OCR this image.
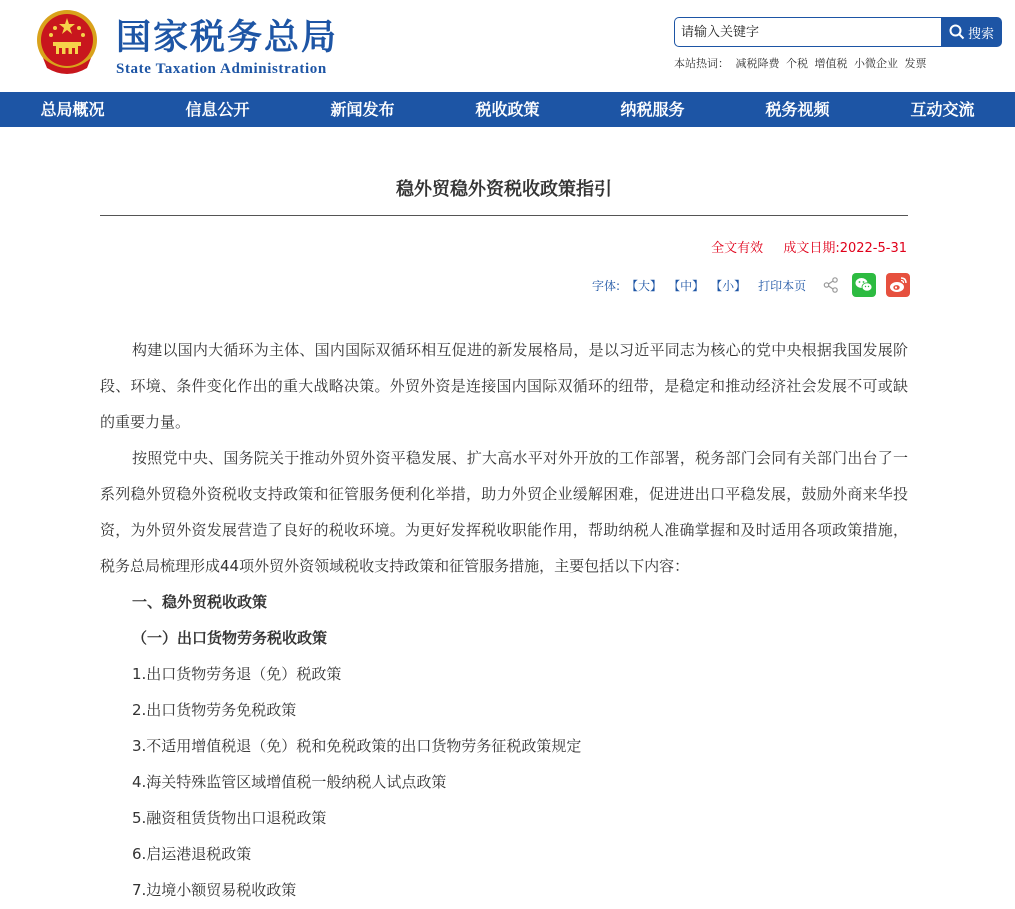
国家税务总局
State Taxation Administration
请输入关键字
搜索
本站热词： 减税降费 个税 增值税 小微企业 发票
总局概况	信息公开	新闻发布	税收政策	纳税服务	税务视频	互动交流
稳外贸稳外资税收政策指引
全文有效 成文日期:2022-5-31
字体: 【大】 【中】 【小】 打印本页

构建以国内大循环为主体、国内国际双循环相互促进的新发展格局，是以习近平同志为核心的党中央根据我国发展阶段、环境、条件变化作出的重大战略决策。外贸外资是连接国内国际双循环的纽带，是稳定和推动经济社会发展不可或缺的重要力量。

按照党中央、国务院关于推动外贸外资平稳发展、扩大高水平对外开放的工作部署，税务部门会同有关部门出台了一系列稳外贸稳外资税收支持政策和征管服务便利化举措，助力外贸企业缓解困难，促进进出口平稳发展，鼓励外商来华投资，为外贸外资发展营造了良好的税收环境。为更好发挥税收职能作用，帮助纳税人准确掌握和及时适用各项政策措施，税务总局梳理形成44项外贸外资领域税收支持政策和征管服务措施，主要包括以下内容：

一、稳外贸税收政策

（一）出口货物劳务税收政策

1.出口货物劳务退（免）税政策

2.出口货物劳务免税政策

3.不适用增值税退（免）税和免税政策的出口货物劳务征税政策规定

4.海关特殊监管区域增值税一般纳税人试点政策

5.融资租赁货物出口退税政策

6.启运港退税政策

7.边境小额贸易税收政策
